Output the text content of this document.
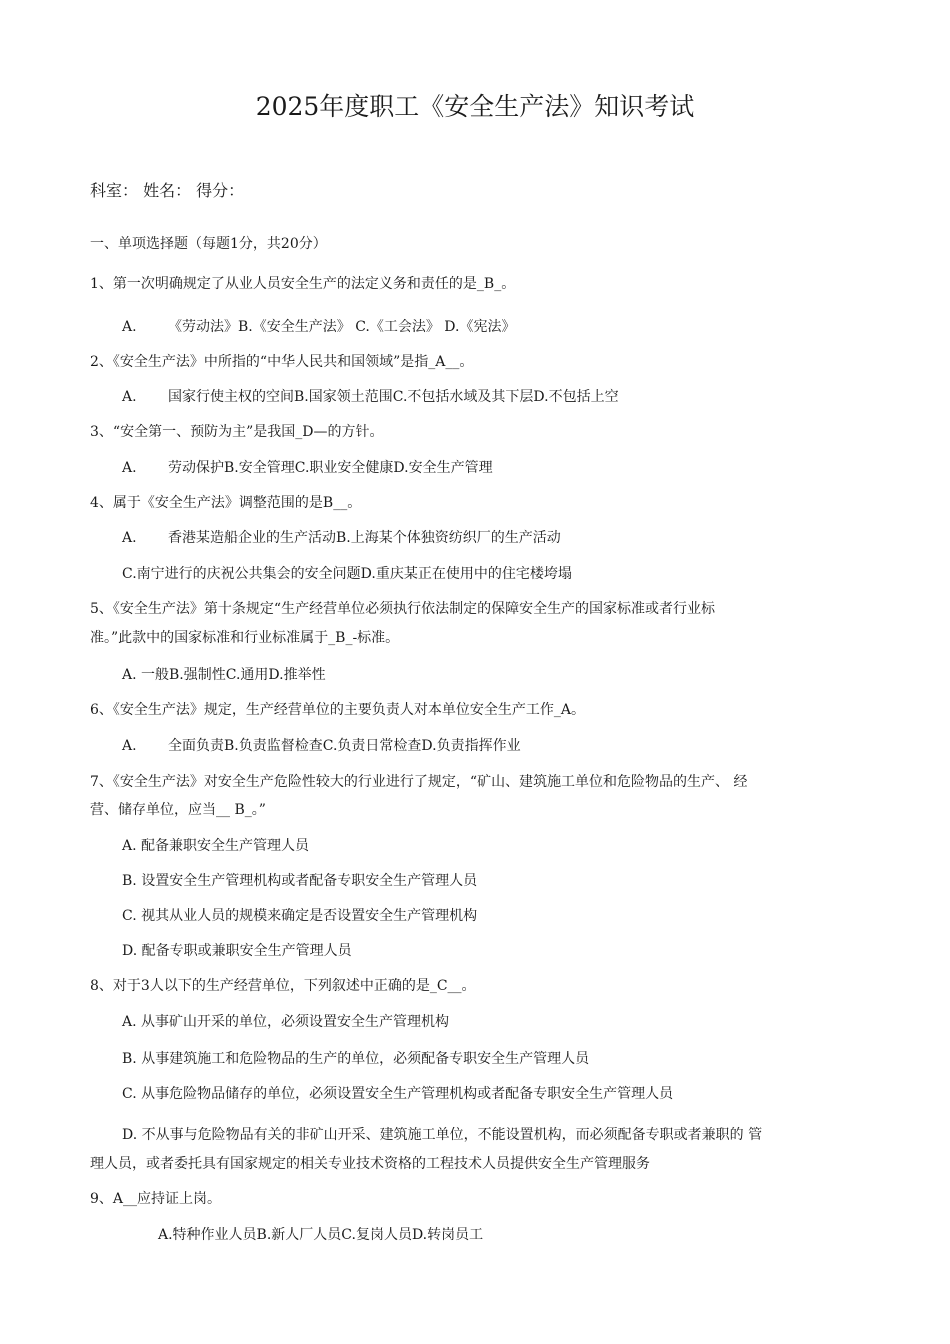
2025年度职工《安全生产法》知识考试
科室： 姓名： 得分：
一、单项选择题（每题1分，共20分）
1、第一次明确规定了从业人员安全生产的法定义务和责任的是_B_。
A. 《劳动法》B.《安全生产法》 C.《工会法》 D.《宪法》
2、《安全生产法》中所指的“中华人民共和国领域”是指_A__。
A. 国家行使主权的空间B.国家领土范围C.不包括水域及其下层D.不包括上空
3、“安全第一、预防为主”是我国_D—的方针。
A. 劳动保护B.安全管理C.职业安全健康D.安全生产管理
4、属于《安全生产法》调整范围的是B__。
A. 香港某造船企业的生产活动B.上海某个体独资纺织厂的生产活动
C.南宁进行的庆祝公共集会的安全问题D.重庆某正在使用中的住宅楼垮塌
5、《安全生产法》第十条规定“生产经营单位必须执行依法制定的保障安全生产的国家标准或者行业标
准。”此款中的国家标准和行业标准属于_B_-标准。
A. 一般B.强制性C.通用D.推举性
6、《安全生产法》规定，生产经营单位的主要负责人对本单位安全生产工作_A。
A. 全面负责B.负责监督检查C.负责日常检查D.负责指挥作业
7、《安全生产法》对安全生产危险性较大的行业进行了规定，“矿山、建筑施工单位和危险物品的生产、 经
营、储存单位，应当__ B_。”
A. 配备兼职安全生产管理人员
B. 设置安全生产管理机构或者配备专职安全生产管理人员
C. 视其从业人员的规模来确定是否设置安全生产管理机构
D. 配备专职或兼职安全生产管理人员
8、对于3人以下的生产经营单位，下列叙述中正确的是_C__。
A. 从事矿山开采的单位，必须设置安全生产管理机构
B. 从事建筑施工和危险物品的生产的单位，必须配备专职安全生产管理人员
C. 从事危险物品储存的单位，必须设置安全生产管理机构或者配备专职安全生产管理人员
D. 不从事与危险物品有关的非矿山开采、建筑施工单位，不能设置机构，而必须配备专职或者兼职的 管
理人员，或者委托具有国家规定的相关专业技术资格的工程技术人员提供安全生产管理服务
9、A__应持证上岗。
A.特种作业人员B.新人厂人员C.复岗人员D.转岗员工
